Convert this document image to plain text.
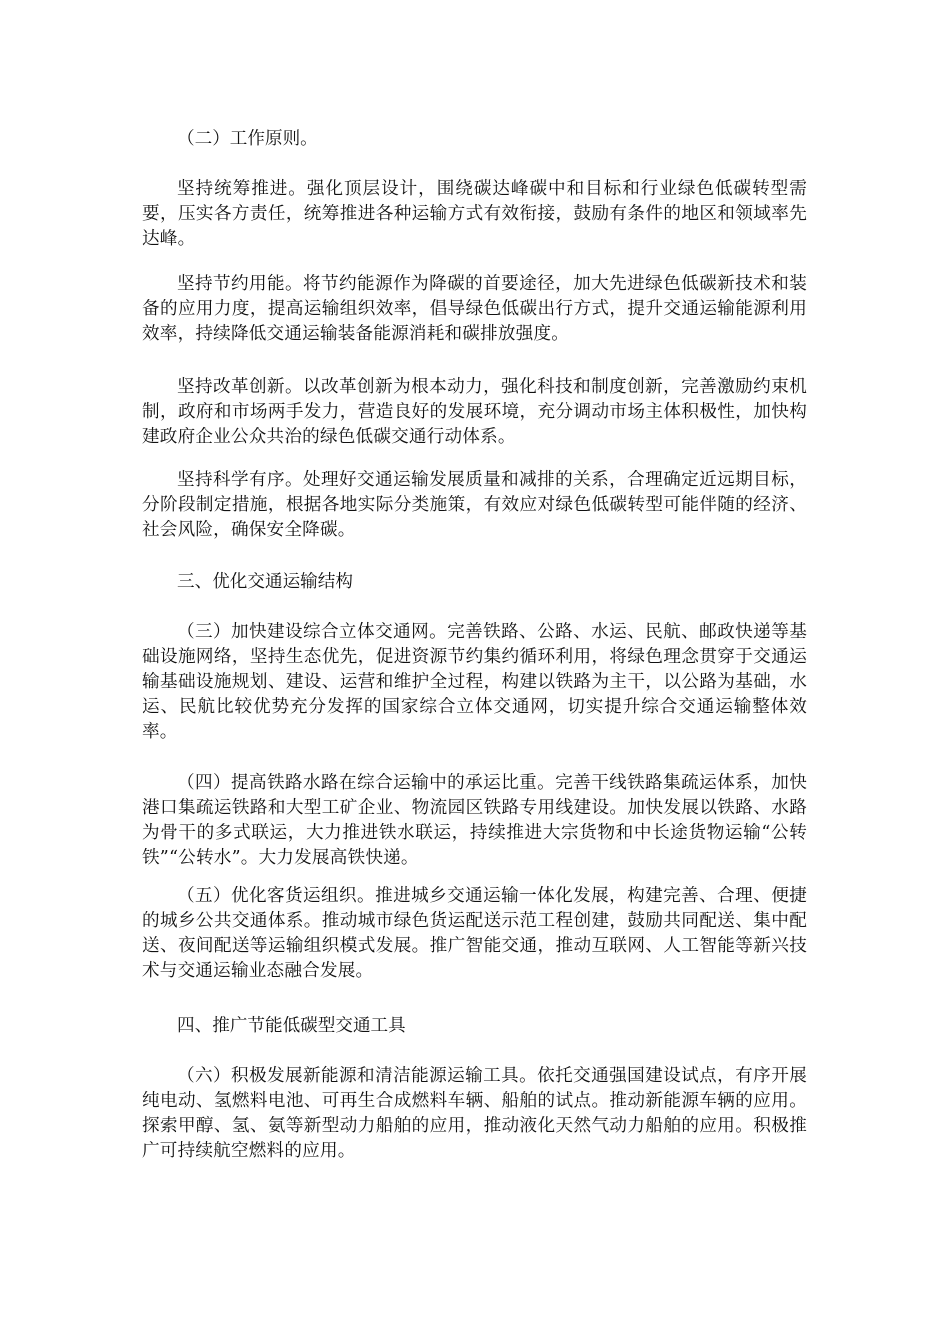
（二）工作原则。

坚持统筹推进。强化顶层设计，围绕碳达峰碳中和目标和行业绿色低碳转型需要，压实各方责任，统筹推进各种运输方式有效衔接，鼓励有条件的地区和领域率先达峰。

坚持节约用能。将节约能源作为降碳的首要途径，加大先进绿色低碳新技术和装备的应用力度，提高运输组织效率，倡导绿色低碳出行方式，提升交通运输能源利用效率，持续降低交通运输装备能源消耗和碳排放强度。

坚持改革创新。以改革创新为根本动力，强化科技和制度创新，完善激励约束机制，政府和市场两手发力，营造良好的发展环境，充分调动市场主体积极性，加快构建政府企业公众共治的绿色低碳交通行动体系。

坚持科学有序。处理好交通运输发展质量和减排的关系，合理确定近远期目标，分阶段制定措施，根据各地实际分类施策，有效应对绿色低碳转型可能伴随的经济、社会风险，确保安全降碳。

三、优化交通运输结构

（三）加快建设综合立体交通网。完善铁路、公路、水运、民航、邮政快递等基础设施网络，坚持生态优先，促进资源节约集约循环利用，将绿色理念贯穿于交通运输基础设施规划、建设、运营和维护全过程，构建以铁路为主干，以公路为基础，水运、民航比较优势充分发挥的国家综合立体交通网，切实提升综合交通运输整体效率。

（四）提高铁路水路在综合运输中的承运比重。完善干线铁路集疏运体系，加快港口集疏运铁路和大型工矿企业、物流园区铁路专用线建设。加快发展以铁路、水路为骨干的多式联运，大力推进铁水联运，持续推进大宗货物和中长途货物运输“公转铁”“公转水”。大力发展高铁快递。

（五）优化客货运组织。推进城乡交通运输一体化发展，构建完善、合理、便捷的城乡公共交通体系。推动城市绿色货运配送示范工程创建，鼓励共同配送、集中配送、夜间配送等运输组织模式发展。推广智能交通，推动互联网、人工智能等新兴技术与交通运输业态融合发展。

四、推广节能低碳型交通工具

（六）积极发展新能源和清洁能源运输工具。依托交通强国建设试点，有序开展纯电动、氢燃料电池、可再生合成燃料车辆、船舶的试点。推动新能源车辆的应用。探索甲醇、氢、氨等新型动力船舶的应用，推动液化天然气动力船舶的应用。积极推广可持续航空燃料的应用。
